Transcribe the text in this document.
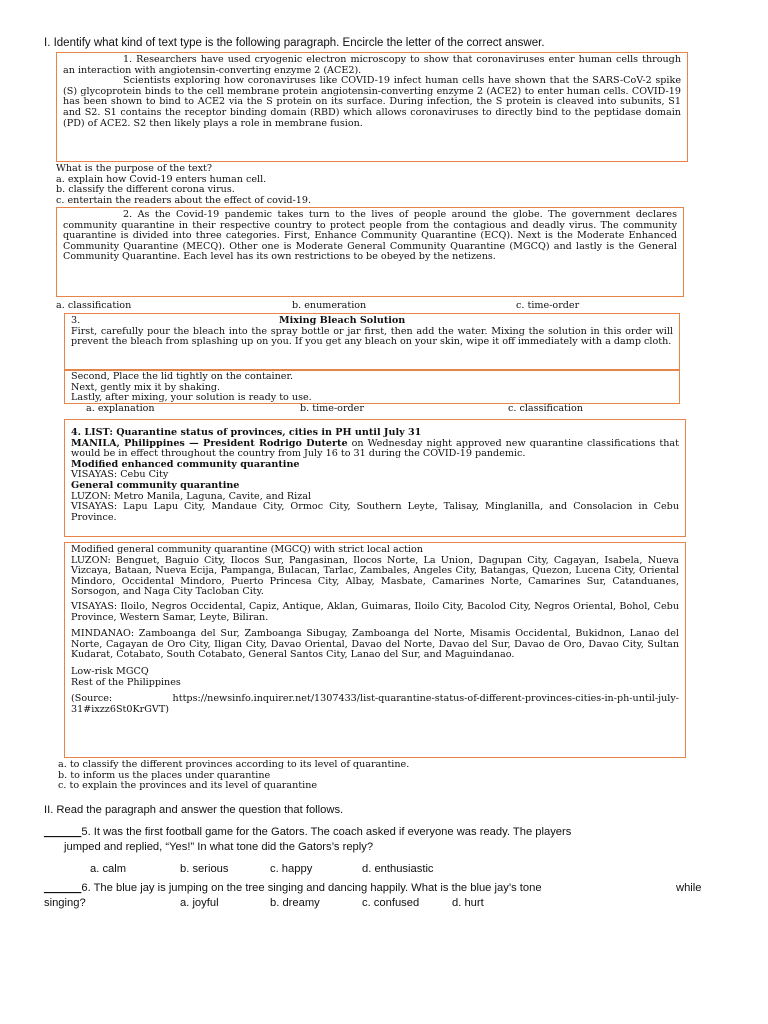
I. Identify what kind of text type is the following paragraph. Encircle the letter of the correct answer.

1. Researchers have used cryogenic electron microscopy to show that coronaviruses enter human cells through an interaction with angiotensin-converting enzyme 2 (ACE2).

Scientists exploring how coronaviruses like COVID-19 infect human cells have shown that the SARS-CoV-2 spike (S) glycoprotein binds to the cell membrane protein angiotensin-converting enzyme 2 (ACE2) to enter human cells. COVID-19 has been shown to bind to ACE2 via the S protein on its surface. During infection, the S protein is cleaved into subunits, S1 and S2. S1 contains the receptor binding domain (RBD) which allows coronaviruses to directly bind to the peptidase domain (PD) of ACE2. S2 then likely plays a role in membrane fusion.

What is the purpose of the text?

a. explain how Covid-19 enters human cell.

b. classify the different corona virus.

c. entertain the readers about the effect of covid-19.

2. As the Covid-19 pandemic takes turn to the lives of people around the globe. The government declares community quarantine in their respective country to protect people from the contagious and deadly virus. The community quarantine is divided into three categories. First, Enhance Community Quarantine (ECQ). Next is the Moderate Enhanced Community Quarantine (MECQ). Other one is Moderate General Community Quarantine (MGCQ) and lastly is the General Community Quarantine. Each level has its own restrictions to be obeyed by the netizens.

a. classification	b. enumeration	c. time-order

3.	Mixing Bleach Solution

First, carefully pour the bleach into the spray bottle or jar first, then add the water. Mixing the solution in this order will prevent the bleach from splashing up on you. If you get any bleach on your skin, wipe it off immediately with a damp cloth.

Second, Place the lid tightly on the container.

Next, gently mix it by shaking.

Lastly, after mixing, your solution is ready to use.

a. explanation	b. time-order	c. classification

4. LIST: Quarantine status of provinces, cities in PH until July 31

MANILA, Philippines — President Rodrigo Duterte on Wednesday night approved new quarantine classifications that would be in effect throughout the country from July 16 to 31 during the COVID-19 pandemic.

Modified enhanced community quarantine

VISAYAS: Cebu City

General community quarantine

LUZON: Metro Manila, Laguna, Cavite, and Rizal

VISAYAS: Lapu Lapu City, Mandaue City, Ormoc City, Southern Leyte, Talisay, Minglanilla, and Consolacion in Cebu Province.

Modified general community quarantine (MGCQ) with strict local action

LUZON: Benguet, Baguio City, Ilocos Sur, Pangasinan, Ilocos Norte, La Union, Dagupan City, Cagayan, Isabela, Nueva Vizcaya, Bataan, Nueva Ecija, Pampanga, Bulacan, Tarlac, Zambales, Angeles City, Batangas, Quezon, Lucena City, Oriental Mindoro, Occidental Mindoro, Puerto Princesa City, Albay, Masbate, Camarines Norte, Camarines Sur, Catanduanes, Sorsogon, and Naga City Tacloban City.

VISAYAS: Iloilo, Negros Occidental, Capiz, Antique, Aklan, Guimaras, Iloilo City, Bacolod City, Negros Oriental, Bohol, Cebu Province, Western Samar, Leyte, Biliran.

MINDANAO: Zamboanga del Sur, Zamboanga Sibugay, Zamboanga del Norte, Misamis Occidental, Bukidnon, Lanao del Norte, Cagayan de Oro City, Iligan City, Davao Oriental, Davao del Norte, Davao del Sur, Davao de Oro, Davao City, Sultan Kudarat, Cotabato, South Cotabato, General Santos City, Lanao del Sur, and Maguindanao.

Low-risk MGCQ

Rest of the Philippines

(Source: https://newsinfo.inquirer.net/1307433/list-quarantine-status-of-different-provinces-cities-in-ph-until-july-31#ixzz6St0KrGVT)

a. to classify the different provinces according to its level of quarantine.

b. to inform us the places under quarantine

c. to explain the provinces and its level of quarantine

II. Read the paragraph and answer the question that follows.
______5. It was the first football game for the Gators. The coach asked if everyone was ready. The players
jumped and replied, “Yes!” In what tone did the Gators’s reply?
a. calm	b. serious	c. happy	d. enthusiastic
______6. The blue jay is jumping on the tree singing and dancing happily. What is the blue jay’s tone	while
singing?	a. joyful	b. dreamy	c. confused	d. hurt
